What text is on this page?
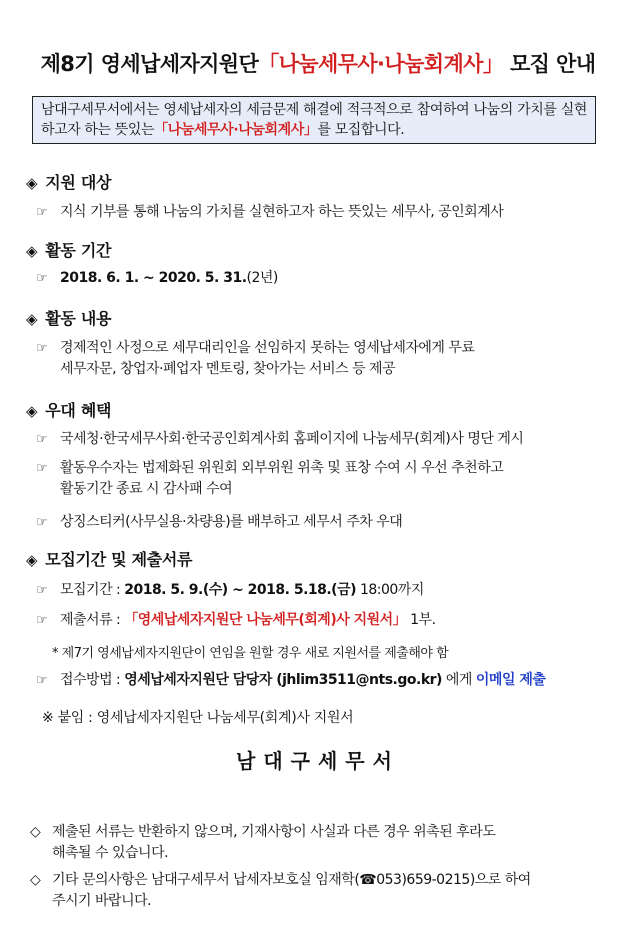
제8기 영세납세자지원단「나눔세무사·나눔회계사」 모집 안내
남대구세무서에서는 영세납세자의 세금문제 해결에 적극적으로 참여하여 나눔의 가치를 실현하고자 하는 뜻있는「나눔세무사·나눔회계사」를 모집합니다.
◈ 지원 대상
☞ 지식 기부를 통해 나눔의 가치를 실현하고자 하는 뜻있는 세무사, 공인회계사
◈ 활동 기간
☞ 2018. 6. 1. ~ 2020. 5. 31.(2년)
◈ 활동 내용
☞ 경제적인 사정으로 세무대리인을 선임하지 못하는 영세납세자에게 무료
세무자문, 창업자·폐업자 멘토링, 찾아가는 서비스 등 제공
◈ 우대 혜택
☞ 국세청·한국세무사회·한국공인회계사회 홈페이지에 나눔세무(회계)사 명단 게시
☞ 활동우수자는 법제화된 위원회 외부위원 위촉 및 표창 수여 시 우선 추천하고
활동기간 종료 시 감사패 수여
☞ 상징스티커(사무실용·차량용)를 배부하고 세무서 주차 우대
◈ 모집기간 및 제출서류
☞ 모집기간 : 2018. 5. 9.(수) ~ 2018. 5.18.(금) 18:00까지
☞ 제출서류 : 「영세납세자지원단 나눔세무(회계)사 지원서」 1부.
* 제7기 영세납세자지원단이 연임을 원할 경우 새로 지원서를 제출해야 함
☞ 접수방법 : 영세납세자지원단 담당자 (jhlim3511@nts.go.kr) 에게 이메일 제출
※ 붙임 : 영세납세자지원단 나눔세무(회계)사 지원서
남대구세무서
◇ 제출된 서류는 반환하지 않으며, 기재사항이 사실과 다른 경우 위촉된 후라도
해촉될 수 있습니다.
◇ 기타 문의사항은 남대구세무서 납세자보호실 임재학(☎053)659-0215)으로 하여
주시기 바랍니다.
